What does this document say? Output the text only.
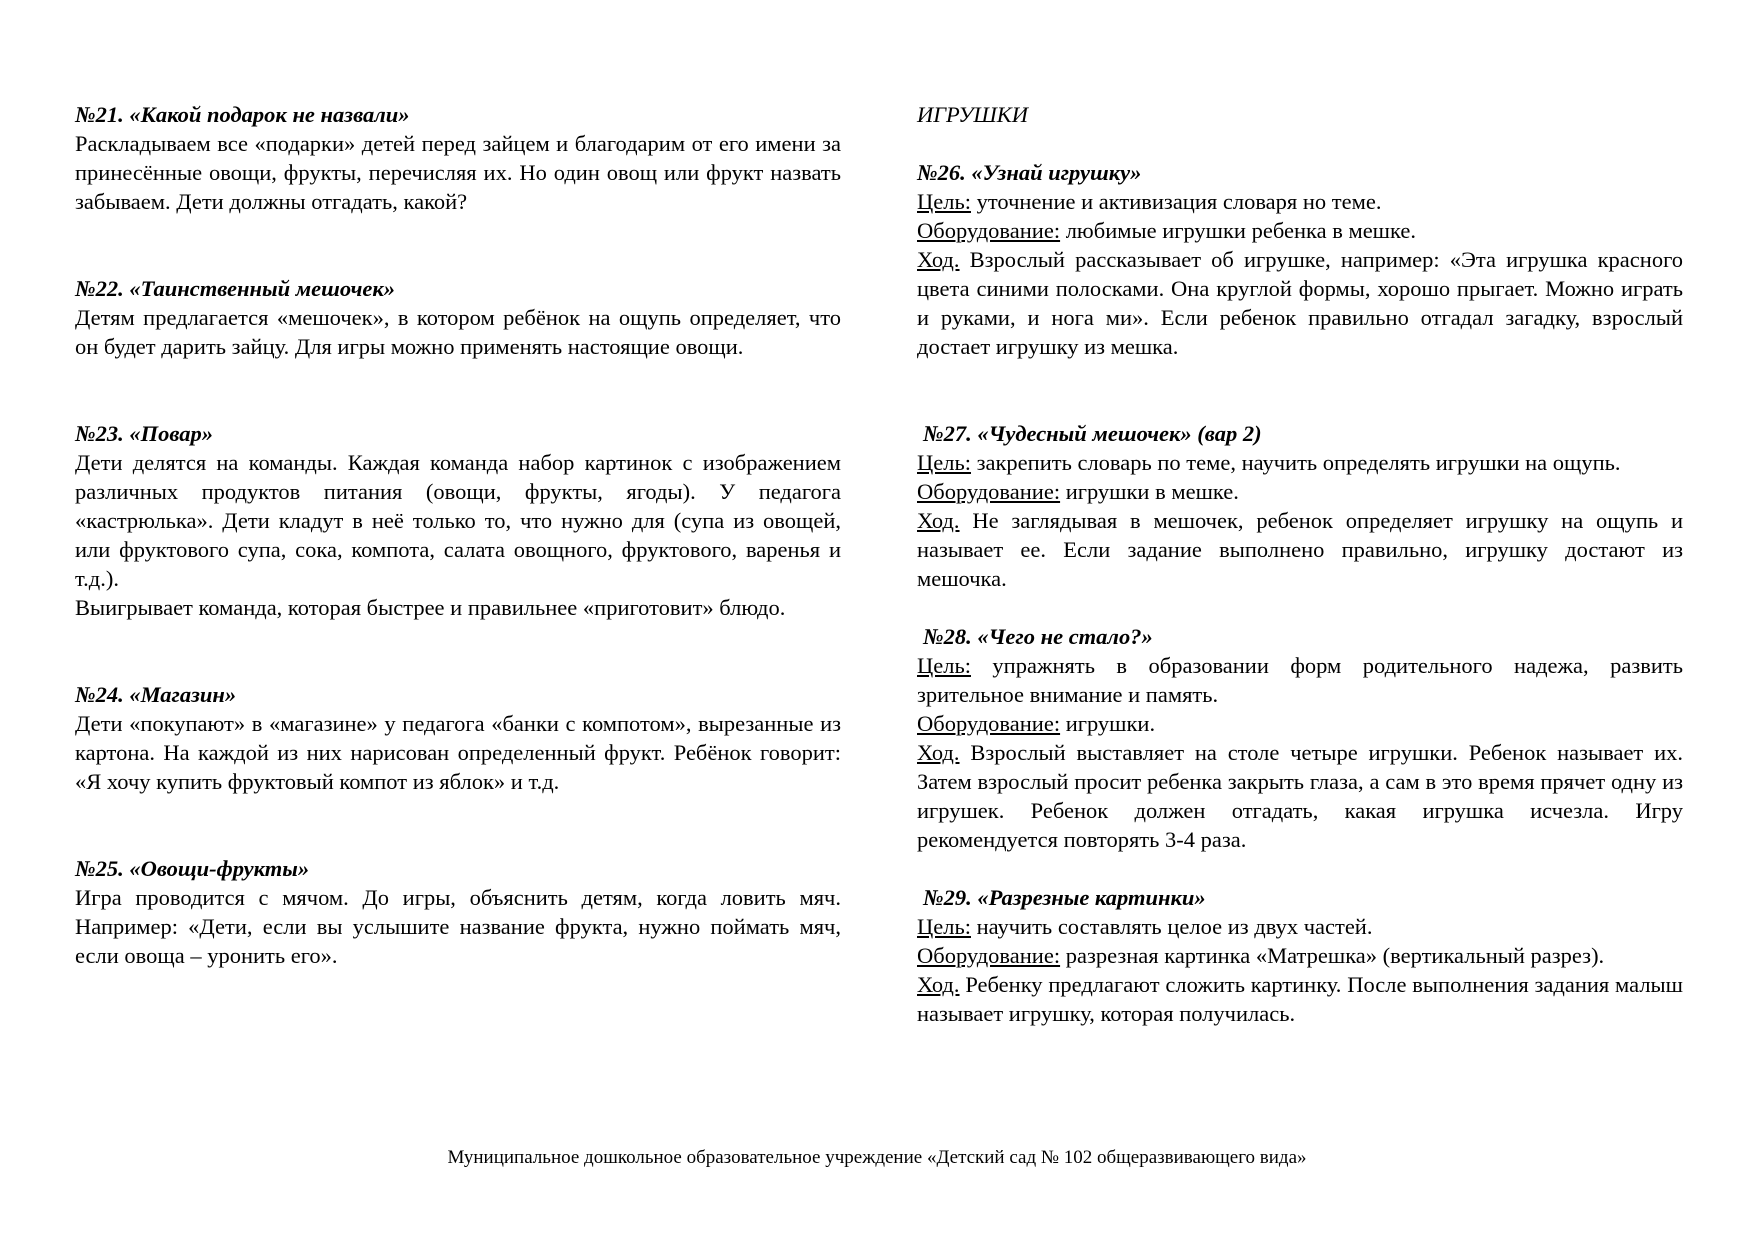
№21. «Какой подарок не назвали»

Раскладываем все «подарки» детей перед зайцем и благодарим от его имени за принесённые овощи, фрукты, перечисляя их. Но один овощ или фрукт назвать забываем. Дети должны отгадать, какой?

№22. «Таинственный мешочек»

Детям предлагается «мешочек», в котором ребёнок на ощупь определяет, что он будет дарить зайцу. Для игры можно применять настоящие овощи.

№23. «Повар»

Дети делятся на команды. Каждая команда набор картинок с изображением различных продуктов питания (овощи, фрукты, ягоды). У педагога «кастрюлька». Дети кладут в неё только то, что нужно для (супа из овощей, или фруктового супа, сока, компота, салата овощного, фруктового, варенья и т.д.).

Выигрывает команда, которая быстрее и правильнее «приготовит» блюдо.

№24. «Магазин»

Дети «покупают» в «магазине» у педагога «банки с компотом», вырезанные из картона. На каждой из них нарисован определенный фрукт. Ребёнок говорит: «Я хочу купить фруктовый компот из яблок» и т.д.

№25. «Овощи-фрукты»

Игра проводится с мячом. До игры, объяснить детям, когда ловить мяч. Например: «Дети, если вы услышите название фрукта, нужно поймать мяч, если овоща – уронить его».

ИГРУШКИ
№26. «Узнай игрушку»

Цель: уточнение и активизация словаря но теме.

Оборудование: любимые игрушки ребенка в мешке.

Ход. Взрослый рассказывает об игрушке, например: «Эта игрушка красного цвета синими полосками. Она круглой формы, хорошо прыгает. Можно играть и руками, и нога ми». Если ребенок правильно отгадал загадку, взрослый достает игрушку из мешка.

№27. «Чудесный мешочек» (вар 2)

Цель: закрепить словарь по теме, научить определять игрушки на ощупь.

Оборудование: игрушки в мешке.

Ход. Не заглядывая в мешочек, ребенок определяет игрушку на ощупь и называет ее. Если задание выполнено правильно, игрушку достают из мешочка.

№28. «Чего не стало?»

Цель: упражнять в образовании форм родительного надежа, развить зрительное внимание и память.

Оборудование: игрушки.

Ход. Взрослый выставляет на столе четыре игрушки. Ребенок называет их. Затем взрослый просит ребенка закрыть глаза, а сам в это время прячет одну из игрушек. Ребенок должен отгадать, какая игрушка исчезла. Игру рекомендуется повторять 3-4 раза.

№29. «Разрезные картинки»

Цель: научить составлять целое из двух частей.

Оборудование: разрезная картинка «Матрешка» (вертикальный разрез).

Ход. Ребенку предлагают сложить картинку. После выполнения задания малыш называет игрушку, которая получилась.

Муниципальное дошкольное образовательное учреждение «Детский сад № 102 общеразвивающего вида»
